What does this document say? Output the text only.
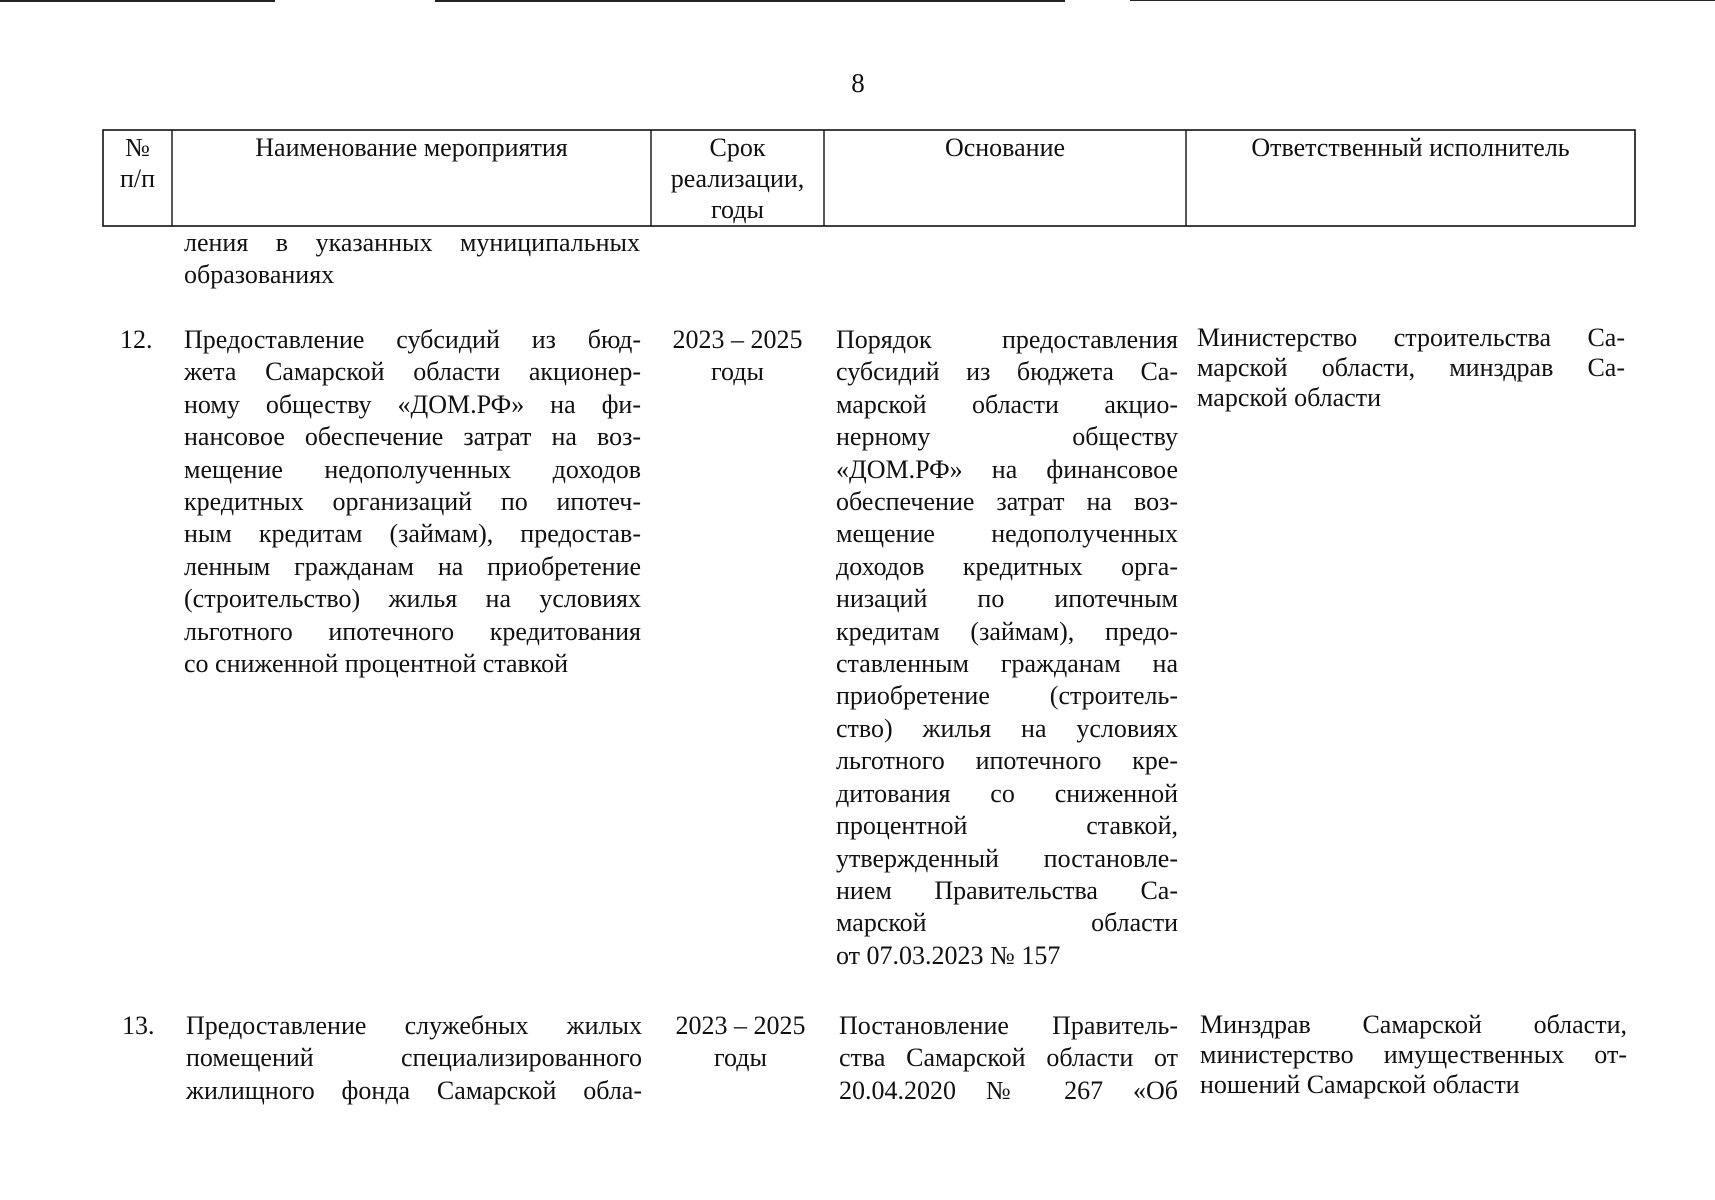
8
№
п/п
Наименование мероприятия	Срок
реализации,
годы
Основание	Ответственный исполнитель
ления в указанных муниципальных
образованиях
12. Предоставление субсидий из бюд-
жета Самарской области акционер-
ному обществу «ДОМ.РФ» на фи-
нансовое обеспечение затрат на воз-
мещение недополученных доходов
кредитных организаций по ипотеч-
ным кредитам (займам), предостав-
ленным гражданам на приобретение
(строительство) жилья на условиях
льготного ипотечного кредитования
со сниженной процентной ставкой
2023 – 2025
годы
Порядок предоставления
субсидий из бюджета Са-
марской области акцио-
нерному обществу
«ДОМ.РФ» на финансовое
обеспечение затрат на воз-
мещение недополученных
доходов кредитных орга-
низаций по ипотечным
кредитам (займам), предо-
ставленным гражданам на
приобретение (строитель-
ство) жилья на условиях
льготного ипотечного кре-
дитования со сниженной
процентной ставкой,
утвержденный постановле-
нием Правительства Са-
марской области
от 07.03.2023 № 157
Министерство строительства Са-
марской области, минздрав Са-
марской области
13. Предоставление служебных жилых
помещений специализированного
жилищного фонда Самарской обла-
2023 – 2025
годы
Постановление Правитель-
ства Самарской области от
20.04.2020 № 267 «Об
Минздрав Самарской области,
министерство имущественных от-
ношений Самарской области
